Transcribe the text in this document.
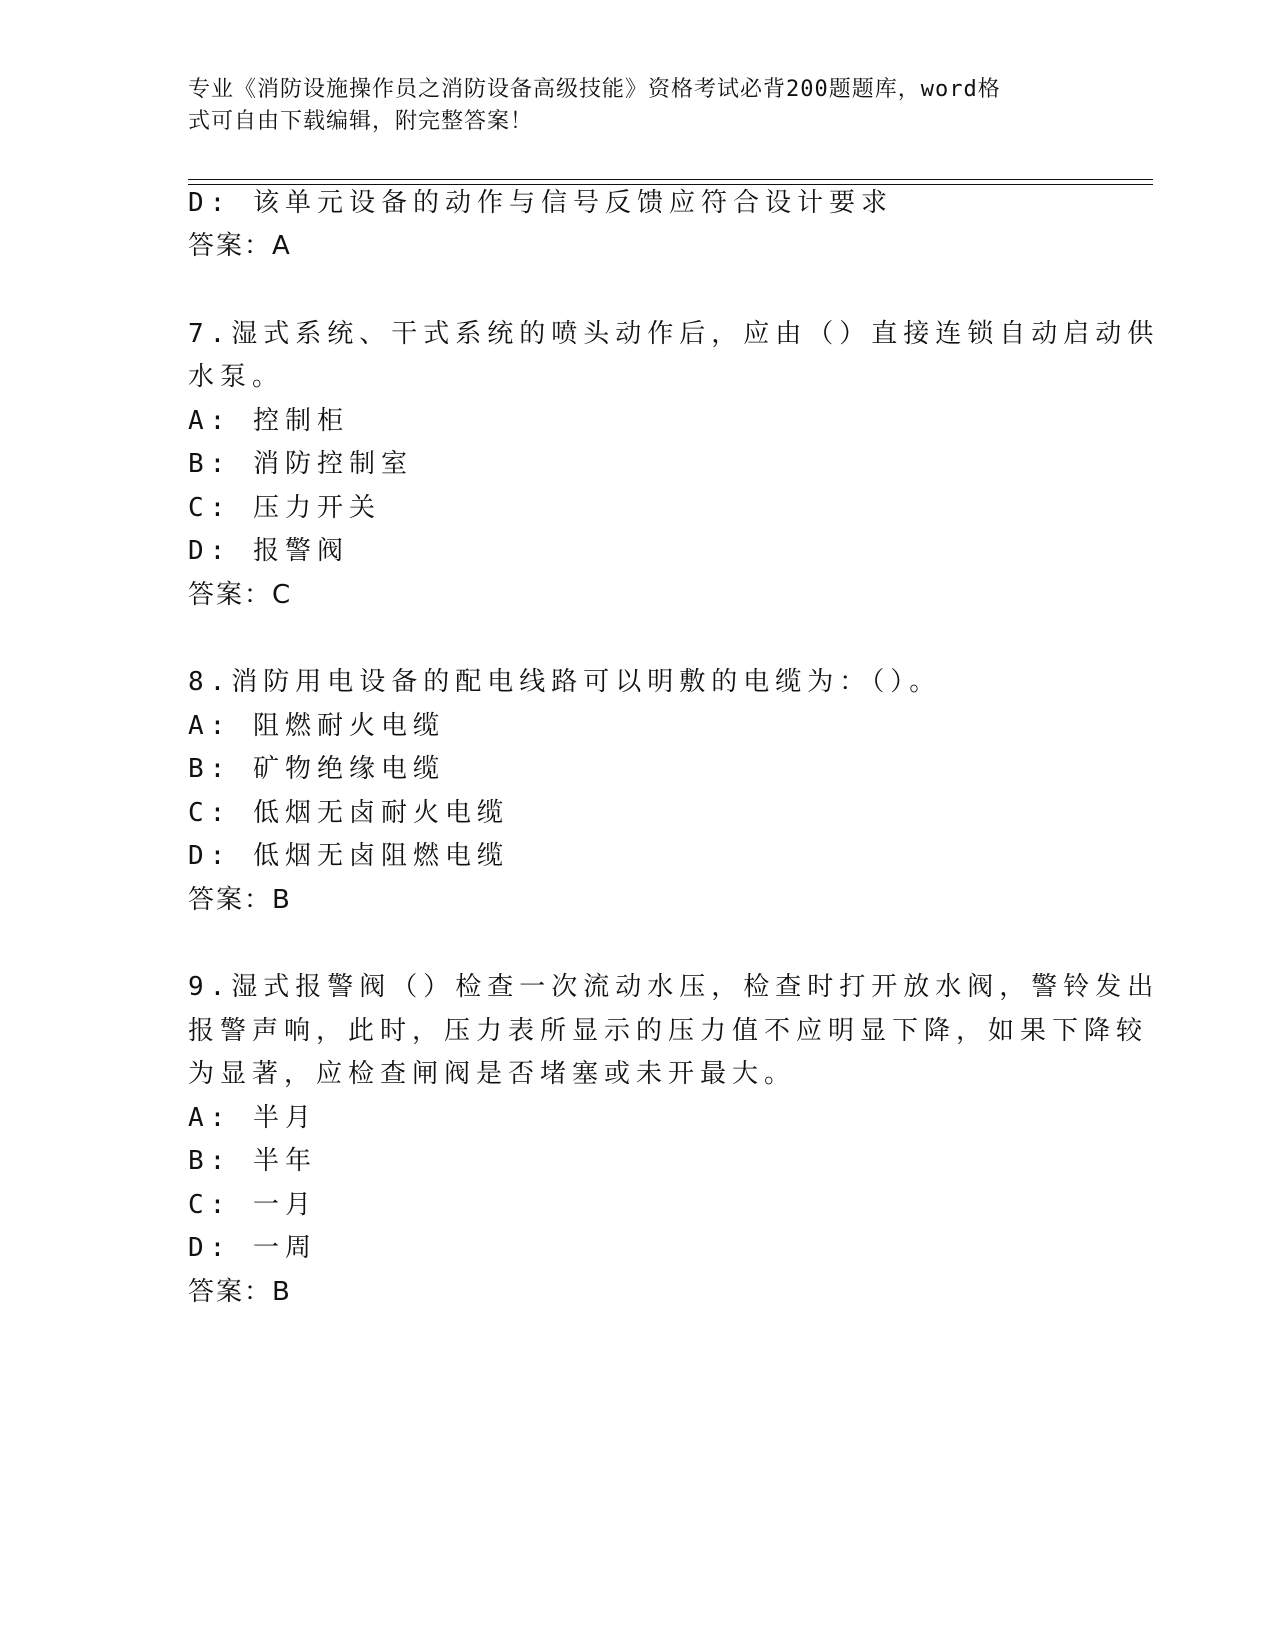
专业《消防设施操作员之消防设备高级技能》资格考试必背200题题库，word格
式可自由下载编辑，附完整答案！
D: 该单元设备的动作与信号反馈应符合设计要求
答案：A
7.湿式系统、干式系统的喷头动作后，应由（）直接连锁自动启动供
水泵。
A: 控制柜
B: 消防控制室
C: 压力开关
D: 报警阀
答案：C
8.消防用电设备的配电线路可以明敷的电缆为：（）。
A: 阻燃耐火电缆
B: 矿物绝缘电缆
C: 低烟无卤耐火电缆
D: 低烟无卤阻燃电缆
答案：B
9.湿式报警阀（）检查一次流动水压，检查时打开放水阀，警铃发出
报警声响，此时，压力表所显示的压力值不应明显下降，如果下降较
为显著，应检查闸阀是否堵塞或未开最大。
A: 半月
B: 半年
C: 一月
D: 一周
答案：B
